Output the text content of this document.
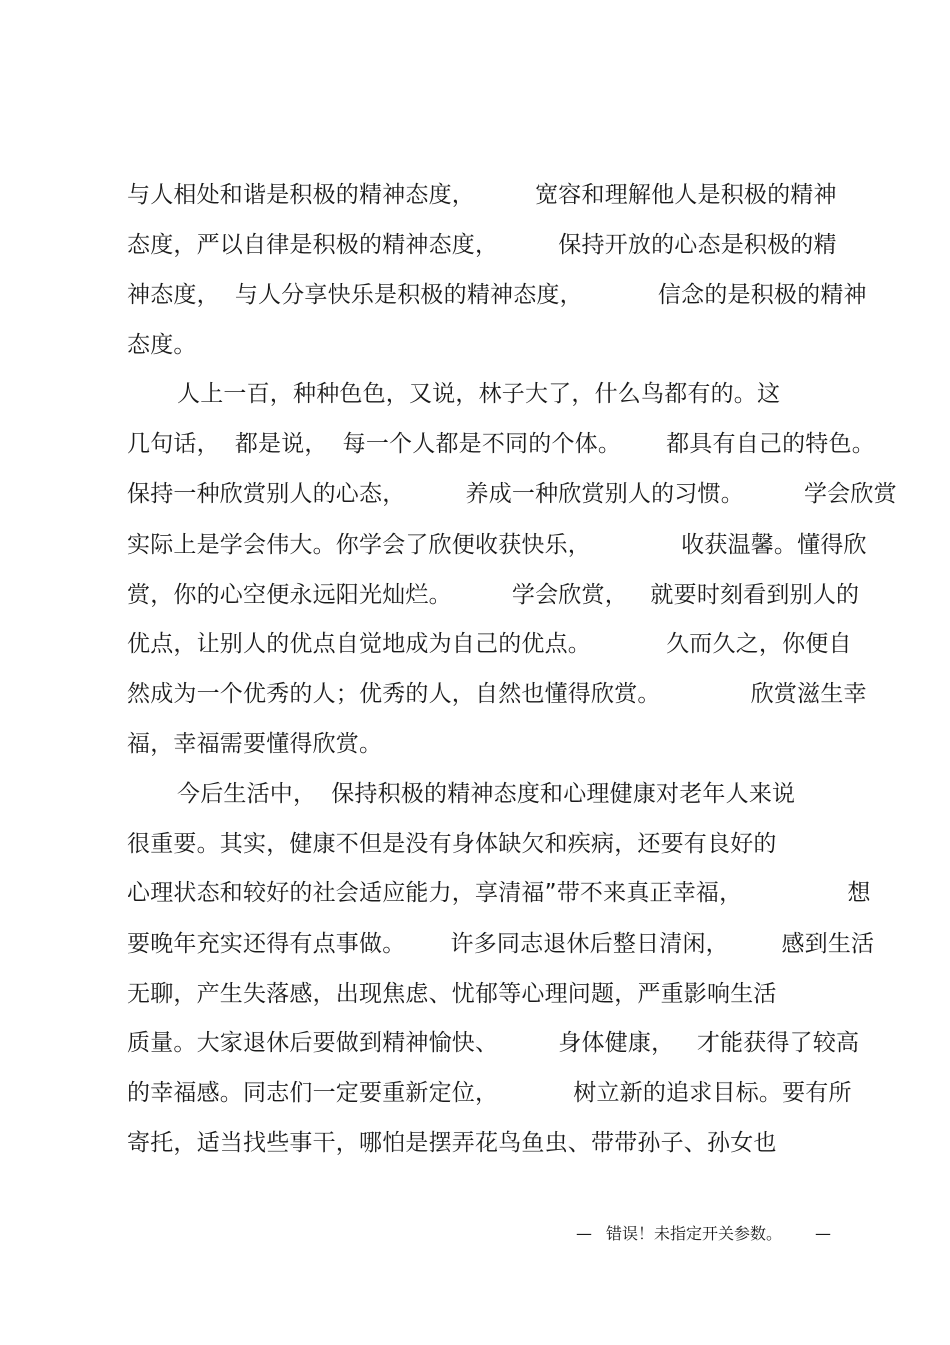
与人相处和谐是积极的精神态度，        宽容和理解他人是积极的精神
态度，严以自律是积极的精神态度，        保持开放的心态是积极的精
神态度，  与人分享快乐是积极的精神态度，          信念的是积极的精神
态度。
人上一百，种种色色，又说，林子大了，什么鸟都有的。这
几句话，  都是说，  每一个人都是不同的个体。      都具有自己的特色。
保持一种欣赏别人的心态，        养成一种欣赏别人的习惯。        学会欣赏
实际上是学会伟大。你学会了欣便收获快乐，            收获温馨。懂得欣
赏，你的心空便永远阳光灿烂。        学会欣赏，   就要时刻看到别人的
优点，让别人的优点自觉地成为自己的优点。          久而久之，你便自
然成为一个优秀的人；优秀的人，自然也懂得欣赏。            欣赏滋生幸
福，幸福需要懂得欣赏。
今后生活中，  保持积极的精神态度和心理健康对老年人来说
很重要。其实，健康不但是没有身体缺欠和疾病，还要有良好的
心理状态和较好的社会适应能力，享清福”带不来真正幸福，              想
要晚年充实还得有点事做。      许多同志退休后整日清闲，       感到生活
无聊，产生失落感，出现焦虑、忧郁等心理问题，严重影响生活
质量。大家退休后要做到精神愉快、        身体健康，   才能获得了较高
的幸福感。同志们一定要重新定位，          树立新的追求目标。要有所
寄托，适当找些事干，哪怕是摆弄花鸟鱼虫、带带孙子、孙女也

—

错误！未指定开关参数。

—
